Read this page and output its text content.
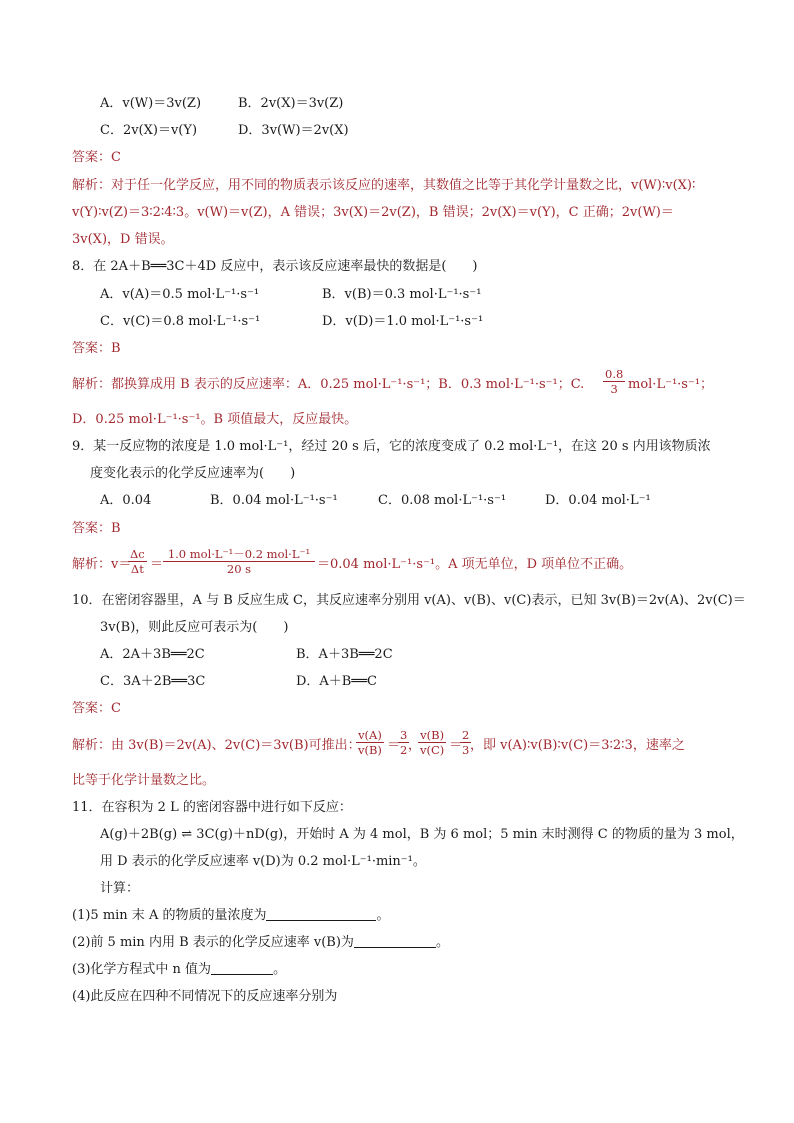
A．v(W)＝3v(Z)	B．2v(X)＝3v(Z)
C．2v(X)＝v(Y)	D．3v(W)＝2v(X)
答案：C
解析：对于任一化学反应，用不同的物质表示该反应的速率，其数值之比等于其化学计量数之比，v(W)∶v(X)∶
v(Y)∶v(Z)＝3∶2∶4∶3。v(W)＝v(Z)，A 错误；3v(X)＝2v(Z)，B 错误；2v(X)＝v(Y)，C 正确；2v(W)＝
3v(X)，D 错误。
8．在 2A＋B══3C＋4D 反应中，表示该反应速率最快的数据是(　　)
A．v(A)＝0.5 mol·L⁻¹·s⁻¹	B．v(B)＝0.3 mol·L⁻¹·s⁻¹
C．v(C)＝0.8 mol·L⁻¹·s⁻¹	D．v(D)＝1.0 mol·L⁻¹·s⁻¹
答案：B
解析：都换算成用 B 表示的反应速率：A．0.25 mol·L⁻¹·s⁻¹；B．0.3 mol·L⁻¹·s⁻¹；C. $\frac{0.8}{3} mol\cdot L^{-1}\cdot s^{-1}$；
D．0.25 mol·L⁻¹·s⁻¹。B 项值最大，反应最快。
9．某一反应物的浓度是 1.0 mol·L⁻¹，经过 20 s 后，它的浓度变成了 0.2 mol·L⁻¹，在这 20 s 内用该物质浓
度变化表示的化学反应速率为(　　)
A．0.04	B．0.04 mol·L⁻¹·s⁻¹	C．0.08 mol·L⁻¹·s⁻¹	D．0.04 mol·L⁻¹
答案：B
解析：v＝
$\frac{\Delta c}{\Delta t}$ ＝
1.0 mol·L⁻¹－0.2 mol·L⁻¹
20 s	＝0.04 mol·L⁻¹·s⁻¹。A 项无单位，D 项单位不正确。
10．在密闭容器里，A 与 B 反应生成 C，其反应速率分别用 v(A)、v(B)、v(C)表示，已知 3v(B)＝2v(A)、2v(C)＝
3v(B)，则此反应可表示为(　　)
A．2A＋3B══2C	B．A＋3B══2C
C．3A＋2B══3C	D．A＋B══C
答案：C
解析：由 3v(B)＝2v(A)、2v(C)＝3v(B)可推出：
$\frac{v(A)}{v(B)}$ ＝
$\frac{3}{2}$
，
$\frac{v(B)}{v(C)}$ ＝
$\frac{2}{3}$
，即 v(A)∶v(B)∶v(C)＝3∶2∶3，速率之
比等于化学计量数之比。
11．在容积为 2 L 的密闭容器中进行如下反应：
A(g)＋2B(g) ⇌ 3C(g)＋nD(g)，开始时 A 为 4 mol，B 为 6 mol；5 min 末时测得 C 的物质的量为 3 mol，
用 D 表示的化学反应速率 v(D)为 0.2 mol·L⁻¹·min⁻¹。
计算：
(1)5 min 末 A 的物质的量浓度为	。
(2)前 5 min 内用 B 表示的化学反应速率 v(B)为	。
(3)化学方程式中 n 值为	。
(4)此反应在四种不同情况下的反应速率分别为
